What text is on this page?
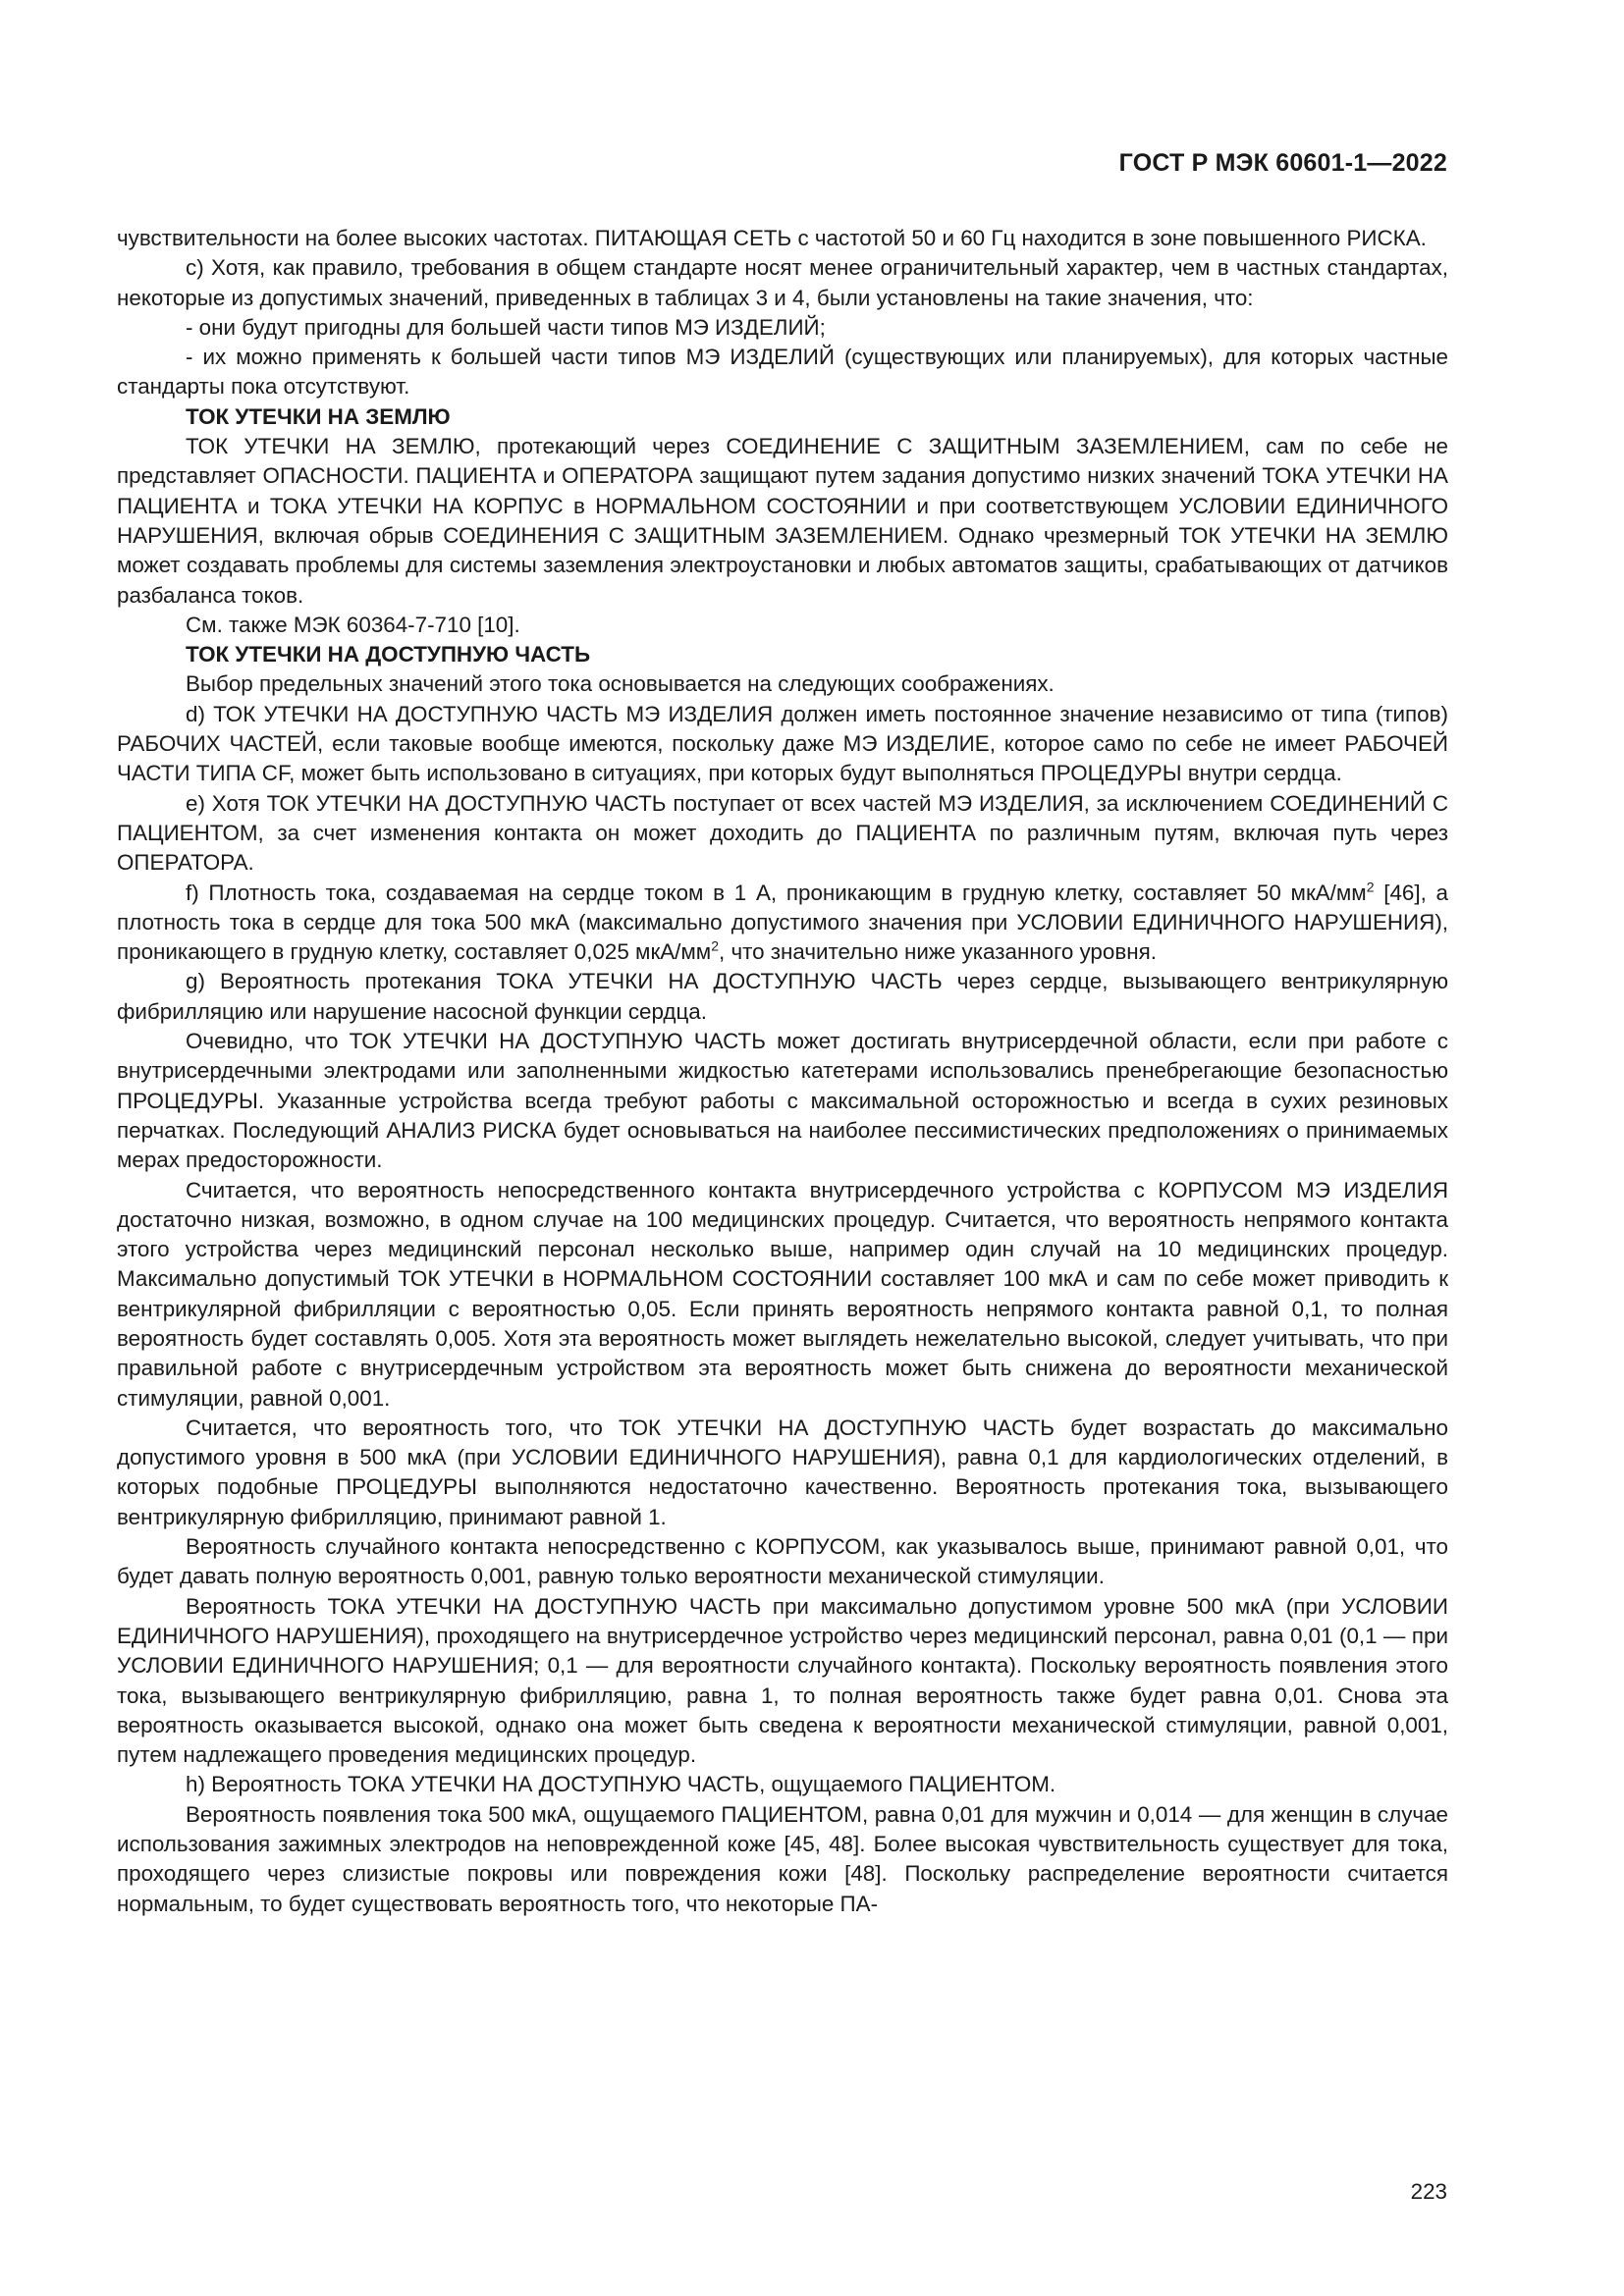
ГОСТ Р МЭК 60601-1—2022

чувствительности на более высоких частотах. ПИТАЮЩАЯ СЕТЬ с частотой 50 и 60 Гц находится в зоне повышенного РИСКА.

c) Хотя, как правило, требования в общем стандарте носят менее ограничительный характер, чем в частных стандартах, некоторые из допустимых значений, приведенных в таблицах 3 и 4, были установлены на такие значения, что:

- они будут пригодны для большей части типов МЭ ИЗДЕЛИЙ;

- их можно применять к большей части типов МЭ ИЗДЕЛИЙ (существующих или планируемых), для которых частные стандарты пока отсутствуют.

ТОК УТЕЧКИ НА ЗЕМЛЮ

ТОК УТЕЧКИ НА ЗЕМЛЮ, протекающий через СОЕДИНЕНИЕ С ЗАЩИТНЫМ ЗАЗЕМЛЕНИЕМ, сам по себе не представляет ОПАСНОСТИ. ПАЦИЕНТА и ОПЕРАТОРА защищают путем задания допустимо низких значений ТОКА УТЕЧКИ НА ПАЦИЕНТА и ТОКА УТЕЧКИ НА КОРПУС в НОРМАЛЬНОМ СОСТОЯНИИ и при соответствующем УСЛОВИИ ЕДИНИЧНОГО НАРУШЕНИЯ, включая обрыв СОЕДИНЕНИЯ С ЗАЩИТНЫМ ЗАЗЕМЛЕНИЕМ. Однако чрезмерный ТОК УТЕЧКИ НА ЗЕМЛЮ может создавать проблемы для системы заземления электроустановки и любых автоматов защиты, срабатывающих от датчиков разбаланса токов.

См. также МЭК 60364-7-710 [10].

ТОК УТЕЧКИ НА ДОСТУПНУЮ ЧАСТЬ

Выбор предельных значений этого тока основывается на следующих соображениях.

d) ТОК УТЕЧКИ НА ДОСТУПНУЮ ЧАСТЬ МЭ ИЗДЕЛИЯ должен иметь постоянное значение независимо от типа (типов) РАБОЧИХ ЧАСТЕЙ, если таковые вообще имеются, поскольку даже МЭ ИЗДЕЛИЕ, которое само по себе не имеет РАБОЧЕЙ ЧАСТИ ТИПА CF, может быть использовано в ситуациях, при которых будут выполняться ПРОЦЕДУРЫ внутри сердца.

e) Хотя ТОК УТЕЧКИ НА ДОСТУПНУЮ ЧАСТЬ поступает от всех частей МЭ ИЗДЕЛИЯ, за исключением СОЕДИНЕНИЙ С ПАЦИЕНТОМ, за счет изменения контакта он может доходить до ПАЦИЕНТА по различным путям, включая путь через ОПЕРАТОРА.

f) Плотность тока, создаваемая на сердце током в 1 А, проникающим в грудную клетку, составляет 50 мкА/$мм^2$ [46], а плотность тока в сердце для тока 500 мкА (максимально допустимого значения при УСЛОВИИ ЕДИНИЧНОГО НАРУШЕНИЯ), проникающего в грудную клетку, составляет 0,025 мкА/$мм^2$, что значительно ниже указанного уровня.

g) Вероятность протекания ТОКА УТЕЧКИ НА ДОСТУПНУЮ ЧАСТЬ через сердце, вызывающего вентрикулярную фибрилляцию или нарушение насосной функции сердца.

Очевидно, что ТОК УТЕЧКИ НА ДОСТУПНУЮ ЧАСТЬ может достигать внутрисердечной области, если при работе с внутрисердечными электродами или заполненными жидкостью катетерами использовались пренебрегающие безопасностью ПРОЦЕДУРЫ. Указанные устройства всегда требуют работы с максимальной осторожностью и всегда в сухих резиновых перчатках. Последующий АНАЛИЗ РИСКА будет основываться на наиболее пессимистических предположениях о принимаемых мерах предосторожности.

Считается, что вероятность непосредственного контакта внутрисердечного устройства с КОРПУСОМ МЭ ИЗДЕЛИЯ достаточно низкая, возможно, в одном случае на 100 медицинских процедур. Считается, что вероятность непрямого контакта этого устройства через медицинский персонал несколько выше, например один случай на 10 медицинских процедур. Максимально допустимый ТОК УТЕЧКИ в НОРМАЛЬНОМ СОСТОЯНИИ составляет 100 мкА и сам по себе может приводить к вентрикулярной фибрилляции с вероятностью 0,05. Если принять вероятность непрямого контакта равной 0,1, то полная вероятность будет составлять 0,005. Хотя эта вероятность может выглядеть нежелательно высокой, следует учитывать, что при правильной работе с внутрисердечным устройством эта вероятность может быть снижена до вероятности механической стимуляции, равной 0,001.

Считается, что вероятность того, что ТОК УТЕЧКИ НА ДОСТУПНУЮ ЧАСТЬ будет возрастать до максимально допустимого уровня в 500 мкА (при УСЛОВИИ ЕДИНИЧНОГО НАРУШЕНИЯ), равна 0,1 для кардиологических отделений, в которых подобные ПРОЦЕДУРЫ выполняются недостаточно качественно. Вероятность протекания тока, вызывающего вентрикулярную фибрилляцию, принимают равной 1.

Вероятность случайного контакта непосредственно с КОРПУСОМ, как указывалось выше, принимают равной 0,01, что будет давать полную вероятность 0,001, равную только вероятности механической стимуляции.

Вероятность ТОКА УТЕЧКИ НА ДОСТУПНУЮ ЧАСТЬ при максимально допустимом уровне 500 мкА (при УСЛОВИИ ЕДИНИЧНОГО НАРУШЕНИЯ), проходящего на внутрисердечное устройство через медицинский персонал, равна 0,01 (0,1 — при УСЛОВИИ ЕДИНИЧНОГО НАРУШЕНИЯ; 0,1 — для вероятности случайного контакта). Поскольку вероятность появления этого тока, вызывающего вентрикулярную фибрилляцию, равна 1, то полная вероятность также будет равна 0,01. Снова эта вероятность оказывается высокой, однако она может быть сведена к вероятности механической стимуляции, равной 0,001, путем надлежащего проведения медицинских процедур.

h) Вероятность ТОКА УТЕЧКИ НА ДОСТУПНУЮ ЧАСТЬ, ощущаемого ПАЦИЕНТОМ.

Вероятность появления тока 500 мкА, ощущаемого ПАЦИЕНТОМ, равна 0,01 для мужчин и 0,014 — для женщин в случае использования зажимных электродов на неповрежденной коже [45, 48]. Более высокая чувствительность существует для тока, проходящего через слизистые покровы или повреждения кожи [48]. Поскольку распределение вероятности считается нормальным, то будет существовать вероятность того, что некоторые ПА-

223
